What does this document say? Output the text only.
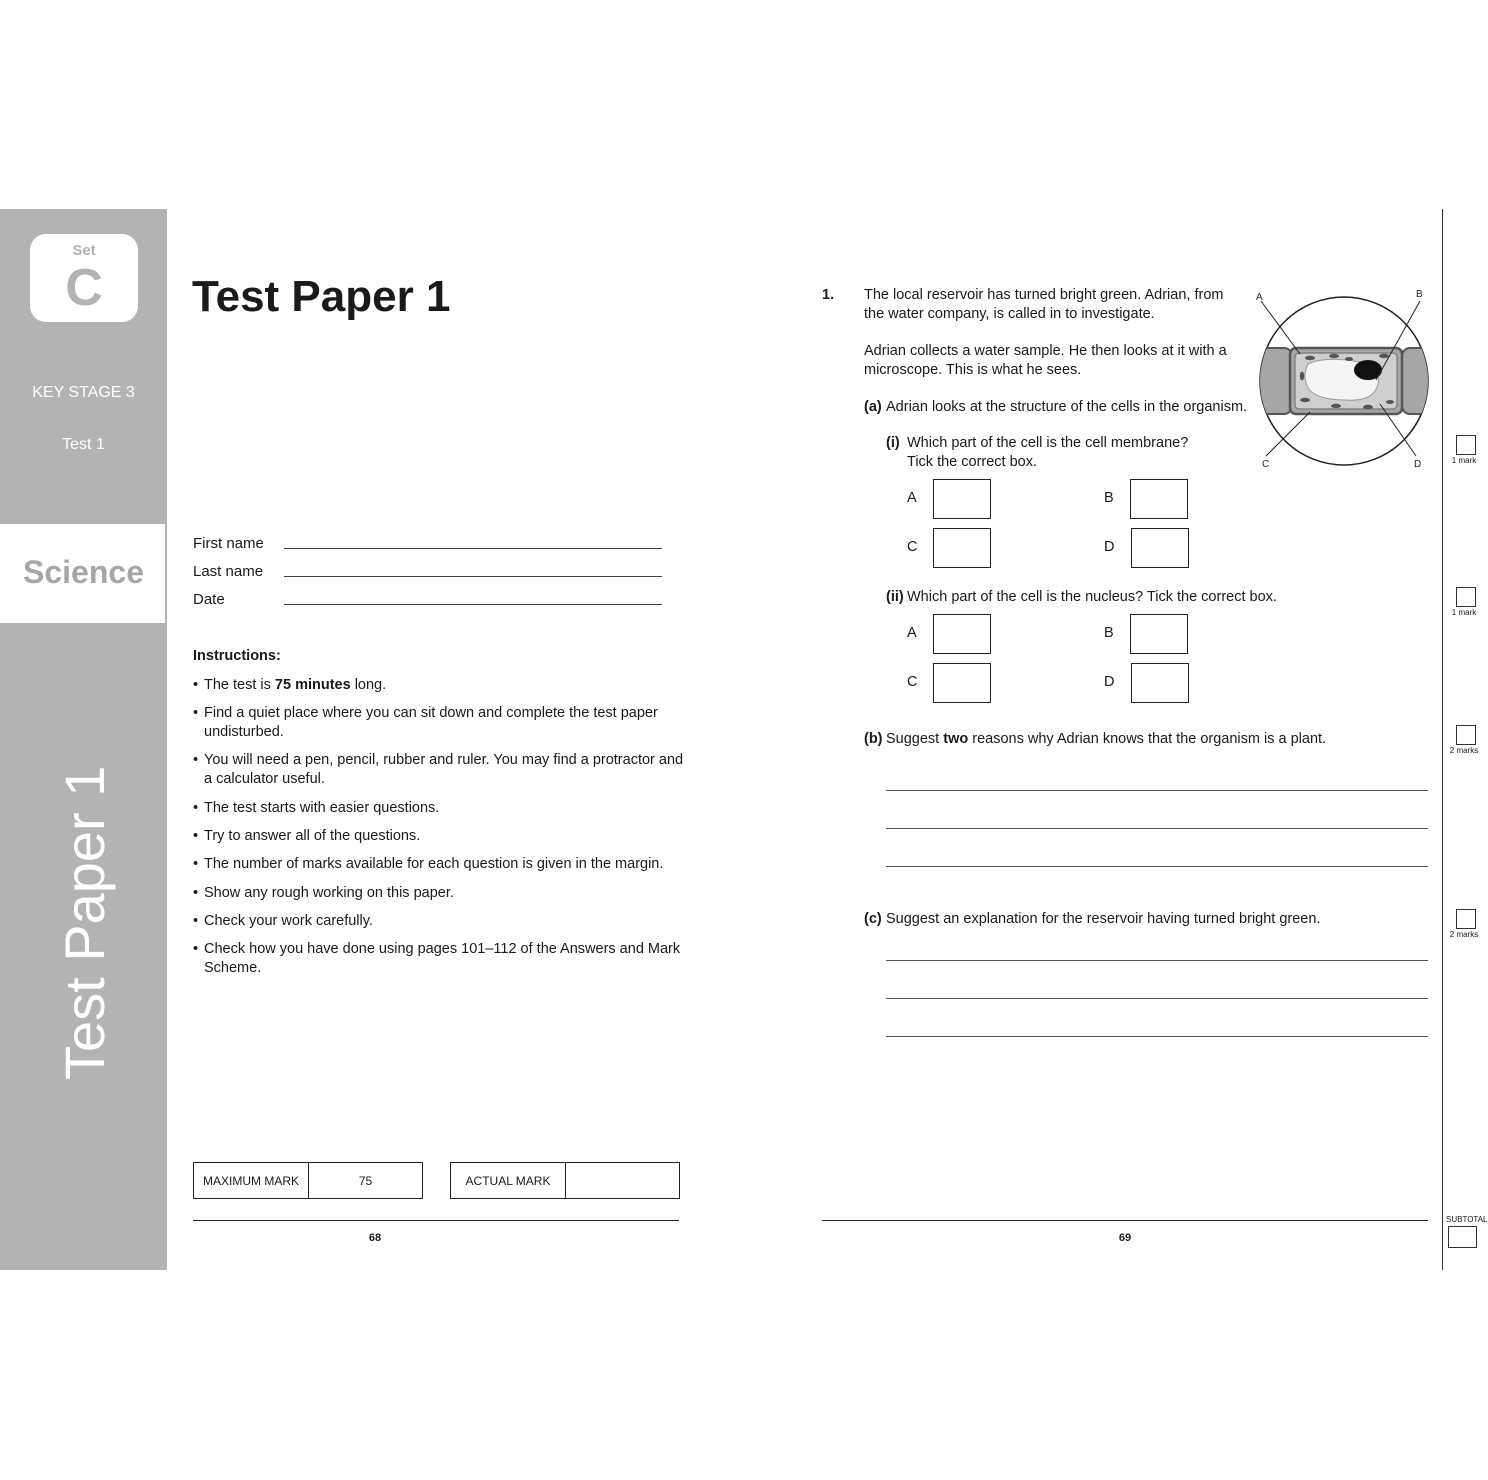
Set
C
KEY STAGE 3
Test 1
Science
Test Paper 1
Test Paper 1
First name
Last name
Date
Instructions:
• The test is 75 minutes long.
• Find a quiet place where you can sit down and complete the test paper undisturbed.
• You will need a pen, pencil, rubber and ruler. You may find a protractor and a calculator useful.
• The test starts with easier questions.
• Try to answer all of the questions.
• The number of marks available for each question is given in the margin.
• Show any rough working on this paper.
• Check your work carefully.
• Check how you have done using pages 101–112 of the Answers and Mark Scheme.
MAXIMUM MARK	75	ACTUAL MARK
68
1. The local reservoir has turned bright green. Adrian, from the water company, is called in to investigate.
Adrian collects a water sample. He then looks at it with a microscope. This is what he sees.
(a) Adrian looks at the structure of the cells in the organism.
(i) Which part of the cell is the cell membrane?
Tick the correct box.
A	B
C	D
(ii) Which part of the cell is the nucleus? Tick the correct box.
A	B
C	D
(b) Suggest two reasons why Adrian knows that the organism is a plant.
(c) Suggest an explanation for the reservoir having turned bright green.
A	B
C	D
69
1 mark
1 mark
2 marks
2 marks
SUBTOTAL
